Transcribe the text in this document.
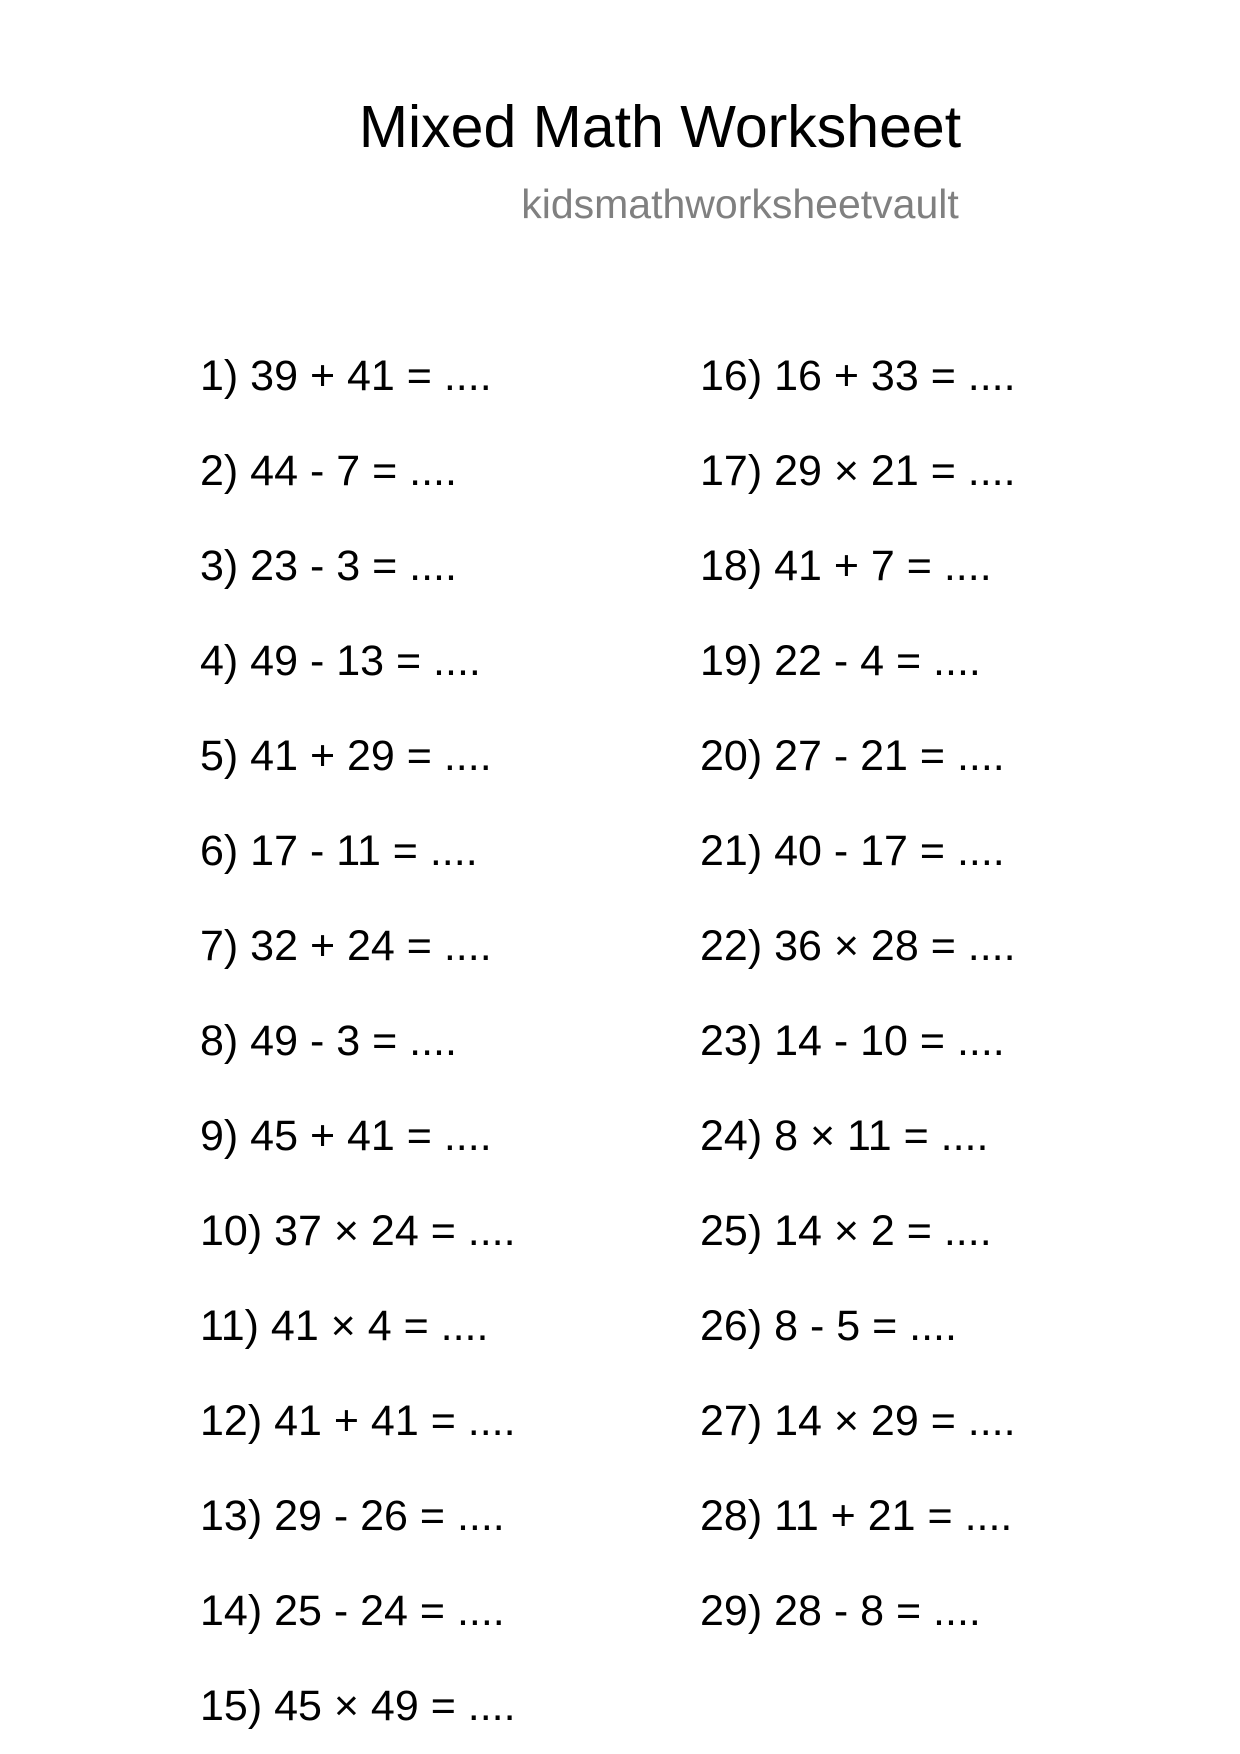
Mixed Math Worksheet
kidsmathworksheetvault
1) 39 + 41 = ....
2) 44 - 7 = ....
3) 23 - 3 = ....
4) 49 - 13 = ....
5) 41 + 29 = ....
6) 17 - 11 = ....
7) 32 + 24 = ....
8) 49 - 3 = ....
9) 45 + 41 = ....
10) 37 × 24 = ....
11) 41 × 4 = ....
12) 41 + 41 = ....
13) 29 - 26 = ....
14) 25 - 24 = ....
15) 45 × 49 = ....
16) 16 + 33 = ....
17) 29 × 21 = ....
18) 41 + 7 = ....
19) 22 - 4 = ....
20) 27 - 21 = ....
21) 40 - 17 = ....
22) 36 × 28 = ....
23) 14 - 10 = ....
24) 8 × 11 = ....
25) 14 × 2 = ....
26) 8 - 5 = ....
27) 14 × 29 = ....
28) 11 + 21 = ....
29) 28 - 8 = ....
